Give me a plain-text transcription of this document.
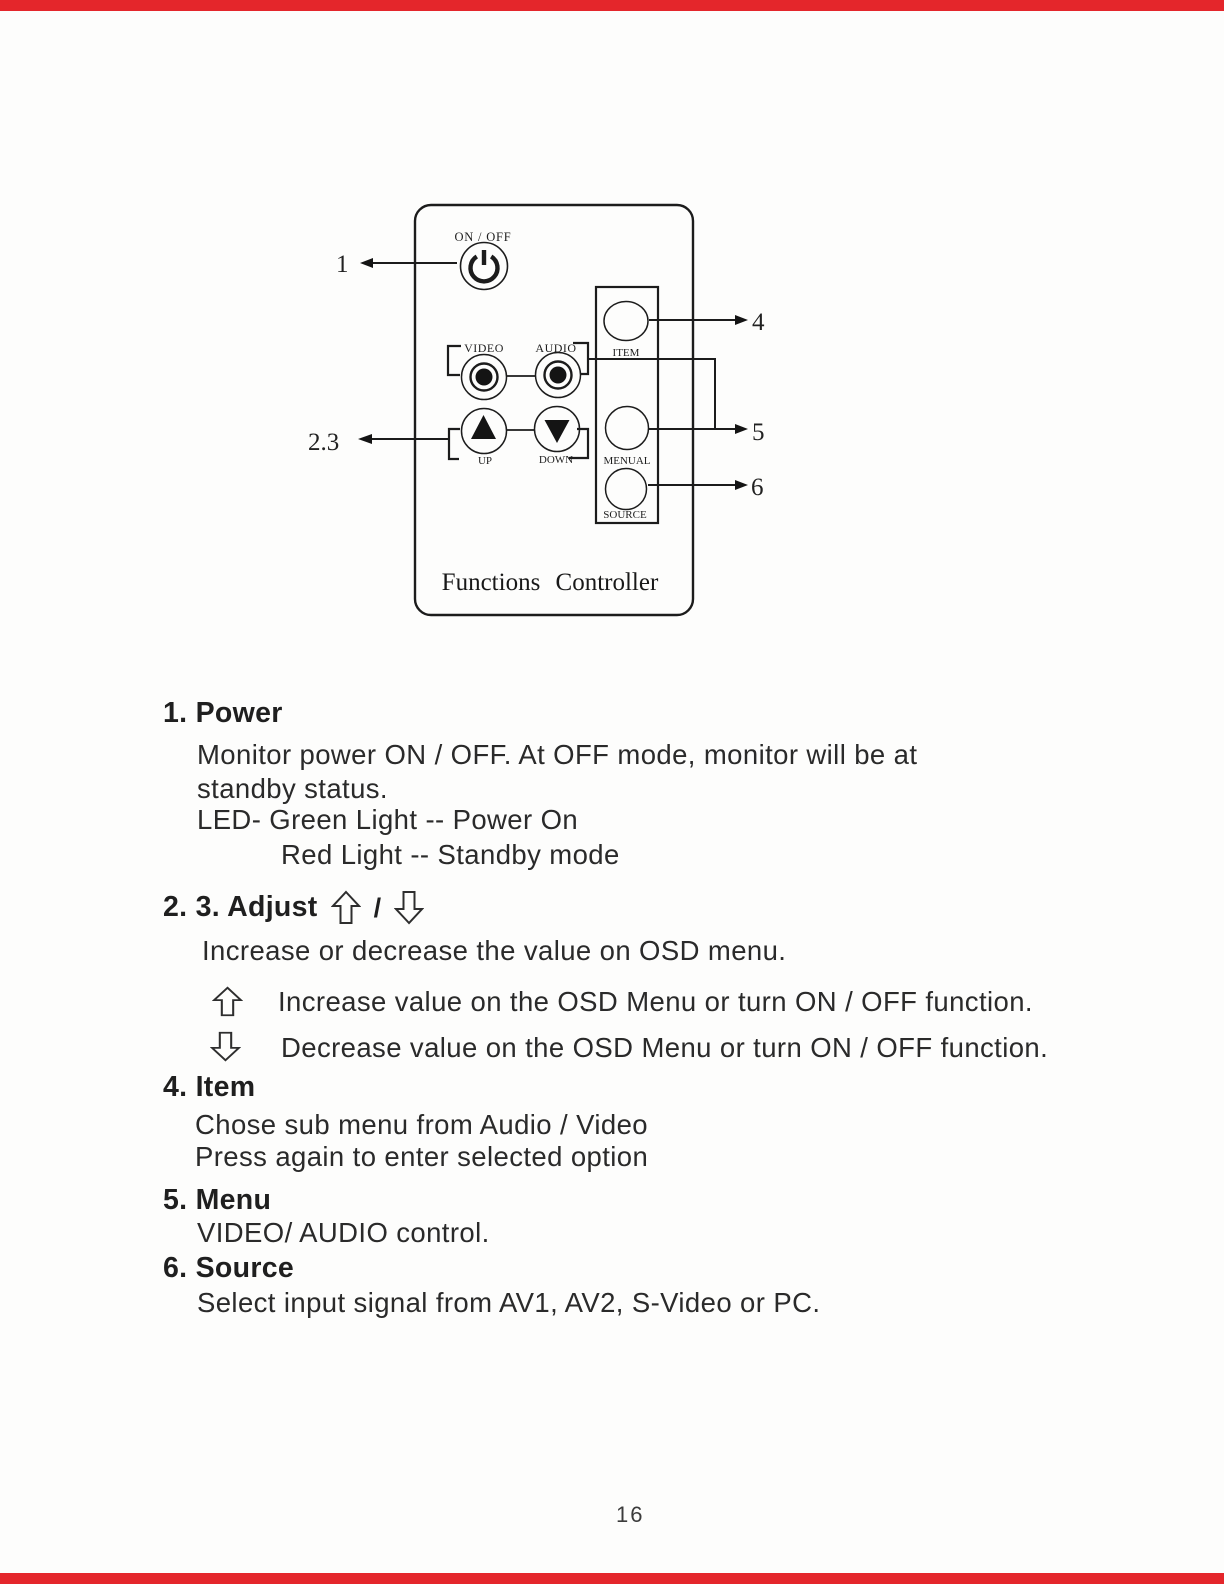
ON / OFF
1
VIDEO	AUDIO
UP	DOWN
2.3
ITEM
MENUAL
SOURCE
4
5
6
Functions Controller
1. Power
Monitor power ON / OFF. At OFF mode, monitor will be at
standby status.
LED- Green Light -- Power On
Red Light -- Standby mode
2. 3. Adjust /
Increase or decrease the value on OSD menu.
Increase value on the OSD Menu or turn ON / OFF function.
Decrease value on the OSD Menu or turn ON / OFF function.
4. Item
Chose sub menu from Audio / Video
Press again to enter selected option
5. Menu
VIDEO/ AUDIO control.
6. Source
Select input signal from AV1, AV2, S-Video or PC.
16
